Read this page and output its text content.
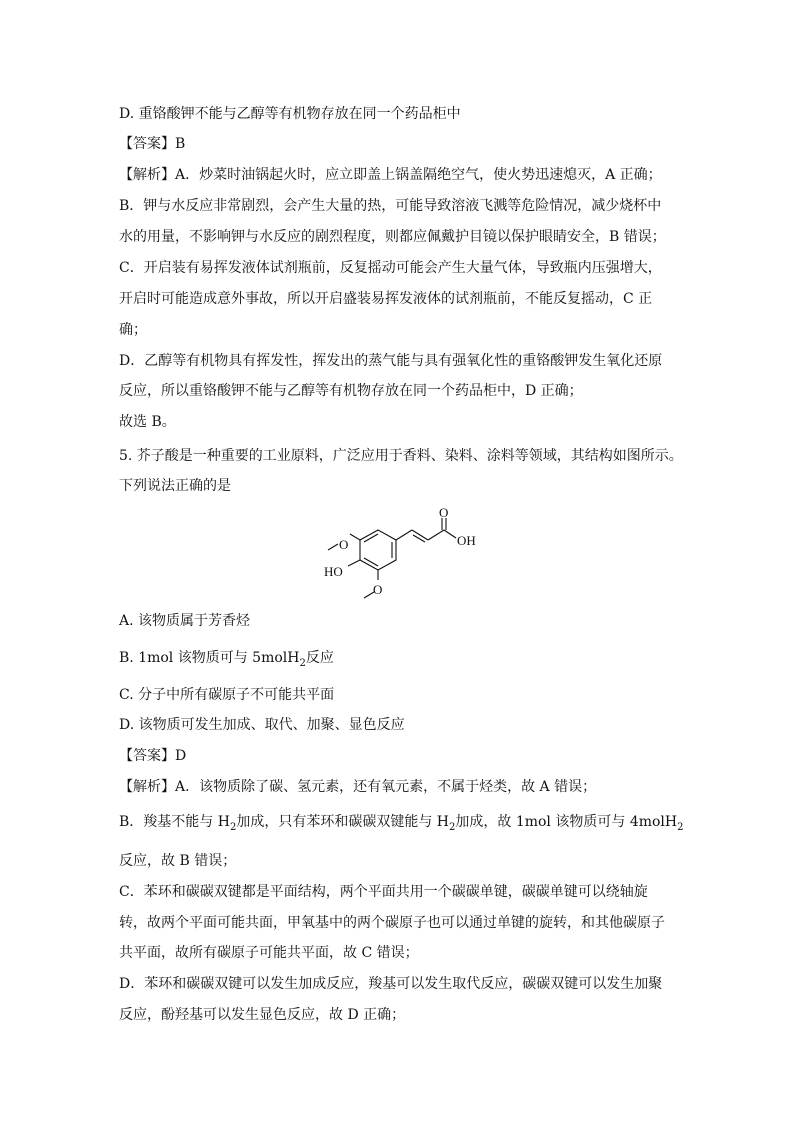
D. 重铬酸钾不能与乙醇等有机物存放在同一个药品柜中
【答案】B
【解析】A．炒菜时油锅起火时，应立即盖上锅盖隔绝空气，使火势迅速熄灭，A 正确；
B．钾与水反应非常剧烈，会产生大量的热，可能导致溶液飞溅等危险情况，减少烧杯中
水的用量，不影响钾与水反应的剧烈程度，则都应佩戴护目镜以保护眼睛安全，B 错误；
C．开启装有易挥发液体试剂瓶前，反复摇动可能会产生大量气体，导致瓶内压强增大，
开启时可能造成意外事故，所以开启盛装易挥发液体的试剂瓶前，不能反复摇动，C 正
确；
D．乙醇等有机物具有挥发性，挥发出的蒸气能与具有强氧化性的重铬酸钾发生氧化还原
反应，所以重铬酸钾不能与乙醇等有机物存放在同一个药品柜中，D 正确；
故选 B。
5. 芥子酸是一种重要的工业原料，广泛应用于香料、染料、涂料等领域，其结构如图所示。
下列说法正确的是
O
OH
O
HO
O
A. 该物质属于芳香烃
B. 1mol 该物质可与 5molH$_2$反应
C. 分子中所有碳原子不可能共平面
D. 该物质可发生加成、取代、加聚、显色反应
【答案】D
【解析】A．该物质除了碳、氢元素，还有氧元素，不属于烃类，故 A 错误；
B．羧基不能与 $H_2$加成，只有苯环和碳碳双键能与 $H_2$加成，故 1mol 该物质可与 4molH$_2$
反应，故 B 错误；
C．苯环和碳碳双键都是平面结构，两个平面共用一个碳碳单键，碳碳单键可以绕轴旋
转，故两个平面可能共面，甲氧基中的两个碳原子也可以通过单键的旋转，和其他碳原子
共平面，故所有碳原子可能共平面，故 C 错误；
D．苯环和碳碳双键可以发生加成反应，羧基可以发生取代反应，碳碳双键可以发生加聚
反应，酚羟基可以发生显色反应，故 D 正确；
